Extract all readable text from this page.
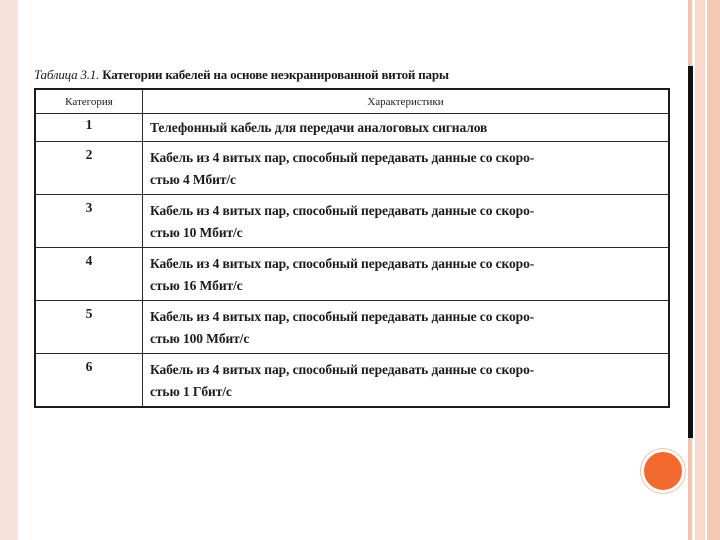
Таблица 3.1. Категории кабелей на основе неэкранированной витой пары
Категория	Характеристики
1	Телефонный кабель для передачи аналоговых сигналов
2	Кабель из 4 витых пар, способный передавать данные со скоро-
стью 4 Мбит/с
3	Кабель из 4 витых пар, способный передавать данные со скоро-
стью 10 Мбит/с
4	Кабель из 4 витых пар, способный передавать данные со скоро-
стью 16 Мбит/с
5	Кабель из 4 витых пар, способный передавать данные со скоро-
стью 100 Мбит/с
6	Кабель из 4 витых пар, способный передавать данные со скоро-
стью 1 Гбит/с
